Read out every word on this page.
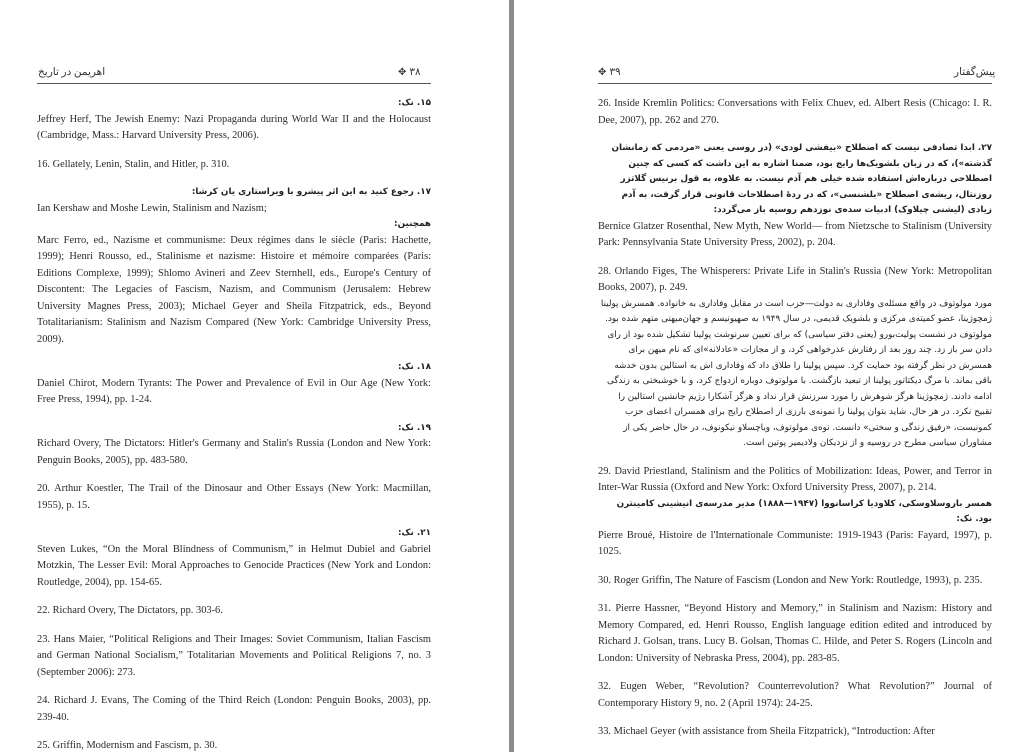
اهریمن در تاریخ	✥ ۳۸
۱۵. نک:
Jeffrey Herf, The Jewish Enemy: Nazi Propaganda during World War II and the Holocaust (Cambridge, Mass.: Harvard University Press, 2006).
16. Gellately, Lenin, Stalin, and Hitler, p. 310.
۱۷. رجوع کنید به این اثر پیشرو با ویراستاری یان کرشا:
Ian Kershaw and Moshe Lewin, Stalinism and Nazism;
همچنین:
Marc Ferro, ed., Nazisme et communisme: Deux régimes dans le siècle (Paris: Hachette, 1999); Henri Rousso, ed., Stalinisme et nazisme: Histoire et mémoire comparées (Paris: Editions Complexe, 1999); Shlomo Avineri and Zeev Sternhell, eds., Europe's Century of Discontent: The Legacies of Fascism, Nazism, and Communism (Jerusalem: Hebrew University Magnes Press, 2003); Michael Geyer and Sheila Fitzpatrick, eds., Beyond Totalitarianism: Stalinism and Nazism Compared (New York: Cambridge University Press, 2009).
۱۸. نک:
Daniel Chirot, Modern Tyrants: The Power and Prevalence of Evil in Our Age (New York: Free Press, 1994), pp. 1-24.
۱۹. نک:
Richard Overy, The Dictators: Hitler's Germany and Stalin's Russia (London and New York: Penguin Books, 2005), pp. 483-580.
20. Arthur Koestler, The Trail of the Dinosaur and Other Essays (New York: Macmillan, 1955), p. 15.
۲۱. نک:
Steven Lukes, “On the Moral Blindness of Communism,” in Helmut Dubiel and Gabriel Motzkin, The Lesser Evil: Moral Approaches to Genocide Practices (New York and London: Routledge, 2004), pp. 154-65.
22. Richard Overy, The Dictators, pp. 303-6.
23. Hans Maier, “Political Religions and Their Images: Soviet Communism, Italian Fascism and German National Socialism,” Totalitarian Movements and Political Religions 7, no. 3 (September 2006): 273.
24. Richard J. Evans, The Coming of the Third Reich (London: Penguin Books, 2003), pp. 239-40.
25. Griffin, Modernism and Fascism, p. 30.
✥ ۳۹	پیش‌گفتار
26. Inside Kremlin Politics: Conversations with Felix Chuev, ed. Albert Resis (Chicago: I. R. Dee, 2007), pp. 262 and 270.
۲۷. ابدا تصادفی نیست که اصطلاح «بیفشی لودی» (در روسی یعنی «مردمی که زمانشان گذشته»)، که در زبان بلشویک‌ها رایج بود، ضمنا اشاره به این داشت که کسی که چنین اصطلاحی درباره‌اش استفاده شده خیلی هم آدم نیست. به علاوه، به قول برنیس گلاتزر روزنتال، ریشه‌ی اصطلاح «بلشنسی»، که در ردهٔ اصطلاحات قانونی قرار گرفت، به آدم زیادی (لیشنی چیلاوک) ادبیات سده‌ی نوزدهم روسیه باز می‌گردد:
Bernice Glatzer Rosenthal, New Myth, New World— from Nietzsche to Stalinism (University Park: Pennsylvania State University Press, 2002), p. 204.
28. Orlando Figes, The Whisperers: Private Life in Stalin's Russia (New York: Metropolitan Books, 2007), p. 249.
مورد مولوتوف در واقع مسئله‌ی وفاداری به دولت—حزب است در مقابل وفاداری به خانواده. همسرش پولینا ژمچوژینا، عضو کمیته‌ی مرکزی و بلشویک قدیمی، در سال ۱۹۴۹ به صهیونیسم و جهان‌میهنی متهم شده بود. مولوتوف در نشست پولیت‌بورو (یعنی دفتر سیاسی) که برای تعیین سرنوشت پولینا تشکیل شده بود از رای دادن سر باز زد. چند روز بعد از رفتارش عذرخواهی کرد، و از مجازات «عادلانه»ای که نام میهن برای همسرش در نظر گرفته بود حمایت کرد. سپس پولینا را طلاق داد که وفاداری اش به استالین بدون خدشه باقی بماند. با مرگ دیکتاتور پولینا از تبعید بازگشت. با مولوتوف دوباره ازدواج کرد، و با خوشبختی به زندگی ادامه دادند. ژمچوژینا هرگز شوهرش را مورد سرزنش قرار نداد و هرگز آشکارا رژیم جانشین استالین را تقبیح نکرد. در هر حال، شاید بتوان پولینا را نمونه‌ی بارزی از اصطلاح رایج برای همسران اعضای حزب کمونیست، «رفیق زندگی و سختی» دانست. نوه‌ی مولوتوف، ویاچسلاو نیکونوف، در حال حاضر یکی از مشاوران سیاسی مطرح در روسیه و از نزدیکان ولادیمیر پوتین است.
29. David Priestland, Stalinism and the Politics of Mobilization: Ideas, Power, and Terror in Inter-War Russia (Oxford and New York: Oxford University Press, 2007), p. 214.
همسر باروسلاوسکی، کلاودیا کراسانووا (۱۹۴۷—۱۸۸۸) مدیر مدرسه‌ی انیشینی کامینترن بود. نک:
Pierre Broué, Histoire de l'Internationale Communiste: 1919-1943 (Paris: Fayard, 1997), p. 1025.
30. Roger Griffin, The Nature of Fascism (London and New York: Routledge, 1993), p. 235.
31. Pierre Hassner, “Beyond History and Memory,” in Stalinism and Nazism: History and Memory Compared, ed. Henri Rousso, English language edition edited and introduced by Richard J. Golsan, trans. Lucy B. Golsan, Thomas C. Hilde, and Peter S. Rogers (Lincoln and London: University of Nebraska Press, 2004), pp. 283-85.
32. Eugen Weber, “Revolution? Counterrevolution? What Revolution?” Journal of Contemporary History 9, no. 2 (April 1974): 24-25.
33. Michael Geyer (with assistance from Sheila Fitzpatrick), “Introduction: After
